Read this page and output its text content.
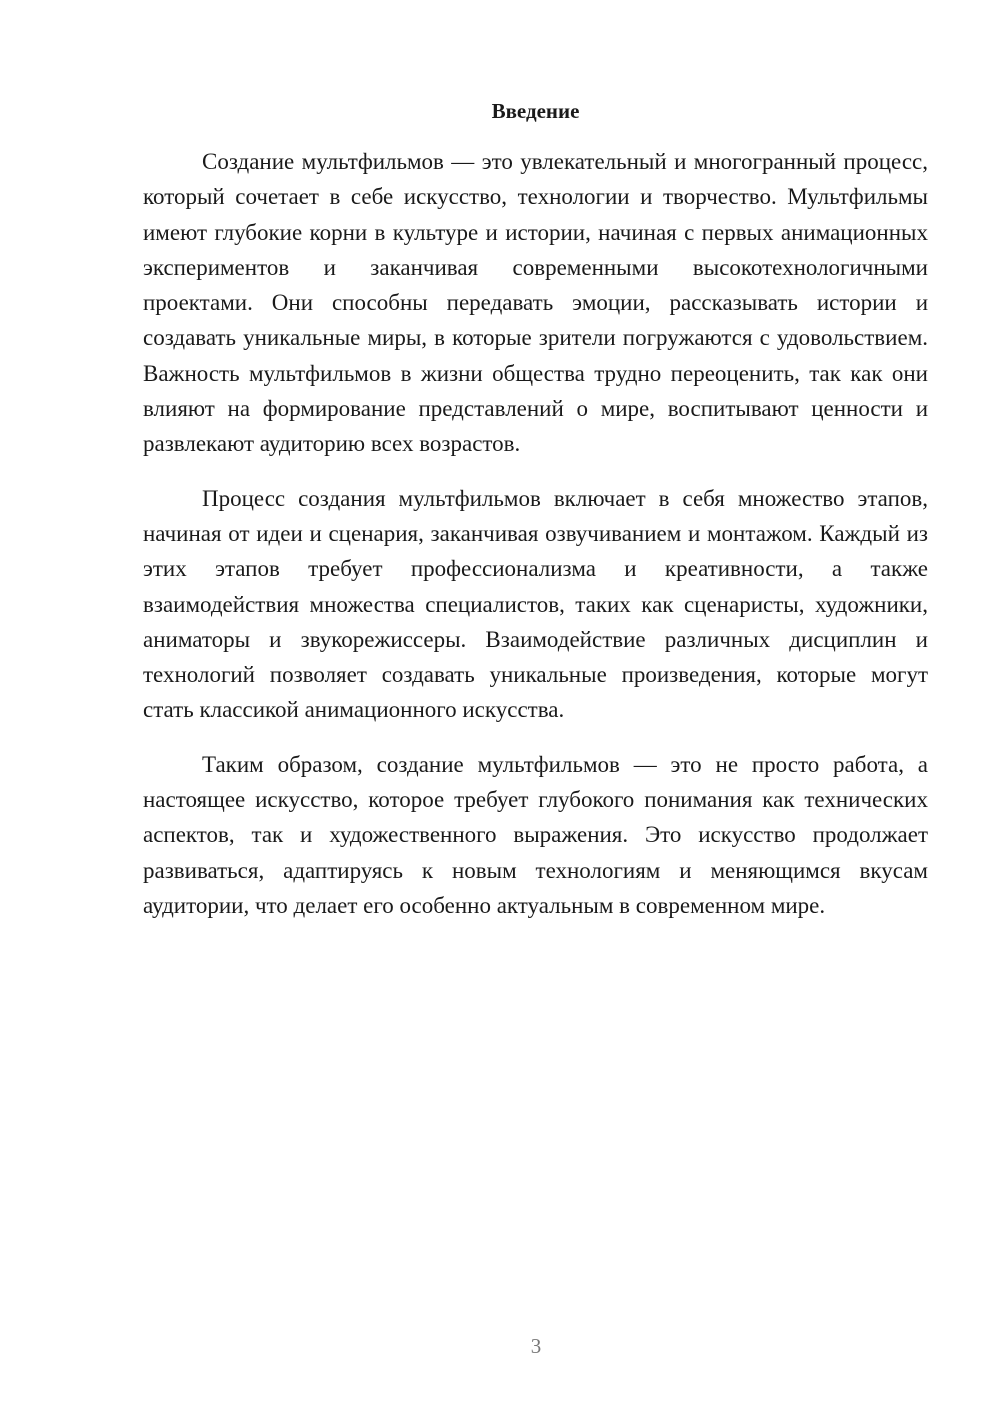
Введение

Создание мультфильмов — это увлекательный и многогранный процесс, который сочетает в себе искусство, технологии и творчество. Мультфильмы имеют глубокие корни в культуре и истории, начиная с первых анимационных экспериментов и заканчивая современными высокотехнологичными проектами. Они способны передавать эмоции, рассказывать истории и создавать уникальные миры, в которые зрители погружаются с удовольствием. Важность мультфильмов в жизни общества трудно переоценить, так как они влияют на формирование представлений о мире, воспитывают ценности и развлекают аудиторию всех возрастов.

Процесс создания мультфильмов включает в себя множество этапов, начиная от идеи и сценария, заканчивая озвучиванием и монтажом. Каждый из этих этапов требует профессионализма и креативности, а также взаимодействия множества специалистов, таких как сценаристы, художники, аниматоры и звукорежиссеры. Взаимодействие различных дисциплин и технологий позволяет создавать уникальные произведения, которые могут стать классикой анимационного искусства.

Таким образом, создание мультфильмов — это не просто работа, а настоящее искусство, которое требует глубокого понимания как технических аспектов, так и художественного выражения. Это искусство продолжает развиваться, адаптируясь к новым технологиям и меняющимся вкусам аудитории, что делает его особенно актуальным в современном мире.

3
